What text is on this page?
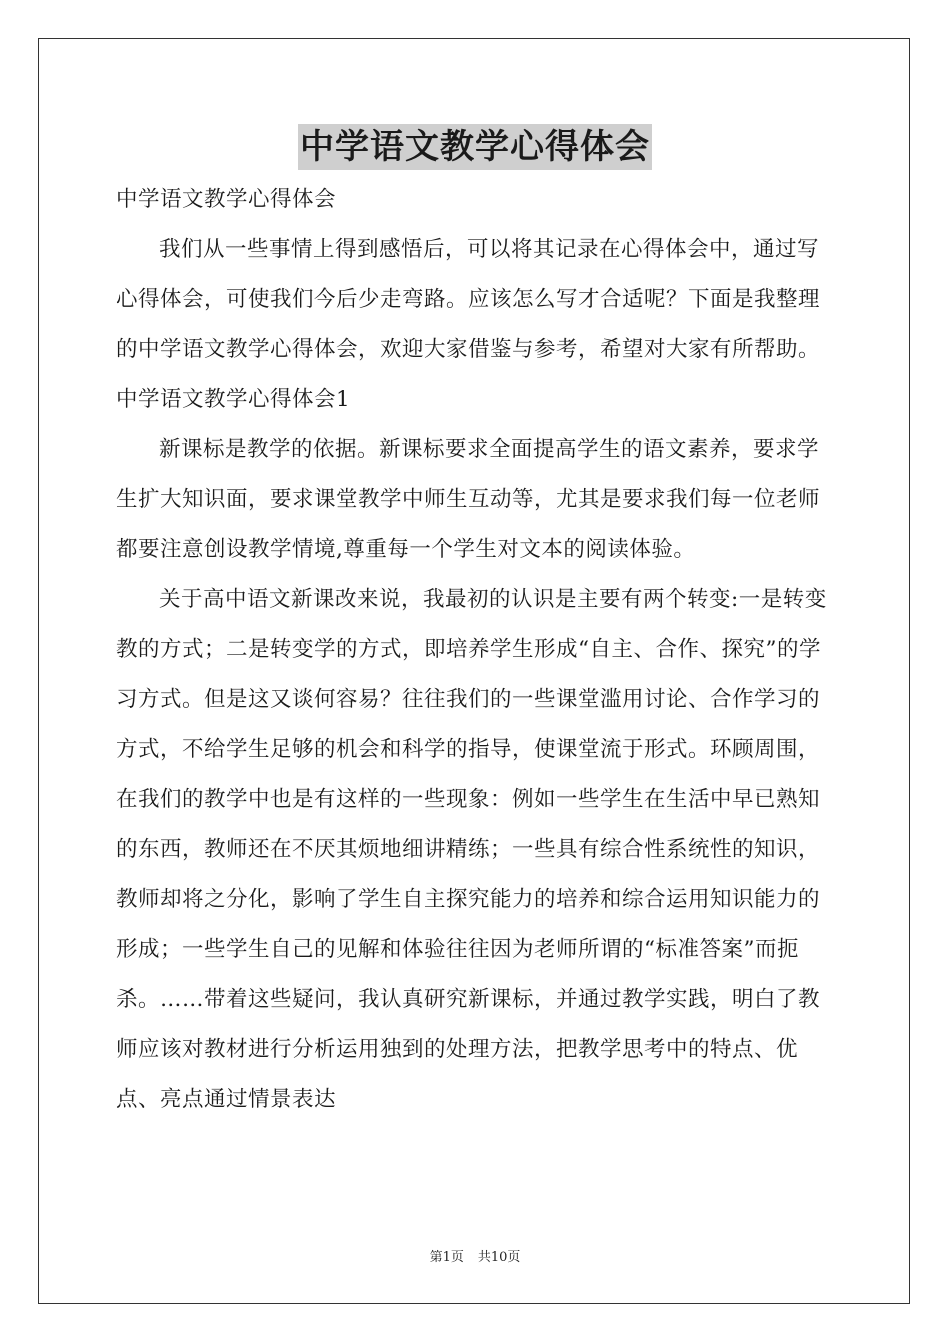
中学语文教学心得体会

中学语文教学心得体会

我们从一些事情上得到感悟后，可以将其记录在心得体会中，通过写心得体会，可使我们今后少走弯路。应该怎么写才合适呢？下面是我整理的中学语文教学心得体会，欢迎大家借鉴与参考，希望对大家有所帮助。

中学语文教学心得体会1

新课标是教学的依据。新课标要求全面提高学生的语文素养，要求学生扩大知识面，要求课堂教学中师生互动等，尤其是要求我们每一位老师都要注意创设教学情境,尊重每一个学生对文本的阅读体验。

关于高中语文新课改来说，我最初的认识是主要有两个转变:一是转变教的方式；二是转变学的方式，即培养学生形成“自主、合作、探究”的学习方式。但是这又谈何容易？往往我们的一些课堂滥用讨论、合作学习的方式，不给学生足够的机会和科学的指导，使课堂流于形式。环顾周围，在我们的教学中也是有这样的一些现象：例如一些学生在生活中早已熟知的东西，教师还在不厌其烦地细讲精练；一些具有综合性系统性的知识，教师却将之分化，影响了学生自主探究能力的培养和综合运用知识能力的形成；一些学生自己的见解和体验往往因为老师所谓的“标准答案”而扼杀。……带着这些疑问，我认真研究新课标，并通过教学实践，明白了教师应该对教材进行分析运用独到的处理方法，把教学思考中的特点、优点、亮点通过情景表达

第1页 共10页
